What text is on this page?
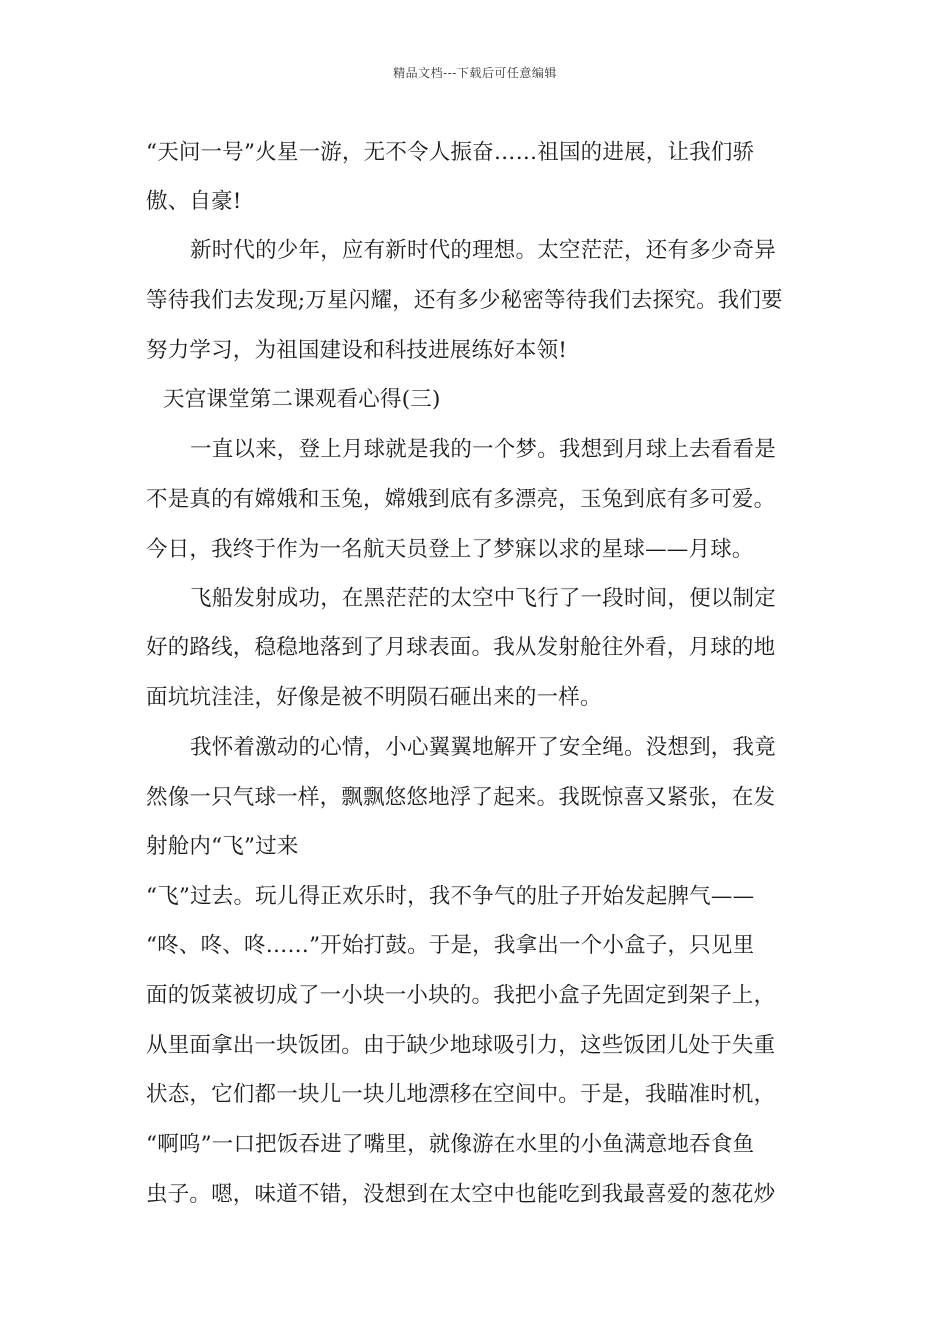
精品文档---下载后可任意编辑
“天问一号”火星一游，无不令人振奋……祖国的进展，让我们骄
傲、自豪!
新时代的少年，应有新时代的理想。太空茫茫，还有多少奇异
等待我们去发现;万星闪耀，还有多少秘密等待我们去探究。我们要
努力学习，为祖国建设和科技进展练好本领!
天宫课堂第二课观看心得(三)
一直以来，登上月球就是我的一个梦。我想到月球上去看看是
不是真的有嫦娥和玉兔，嫦娥到底有多漂亮，玉兔到底有多可爱。
今日，我终于作为一名航天员登上了梦寐以求的星球——月球。
飞船发射成功，在黑茫茫的太空中飞行了一段时间，便以制定
好的路线，稳稳地落到了月球表面。我从发射舱往外看，月球的地
面坑坑洼洼，好像是被不明陨石砸出来的一样。
我怀着激动的心情，小心翼翼地解开了安全绳。没想到，我竟
然像一只气球一样，飘飘悠悠地浮了起来。我既惊喜又紧张，在发
射舱内“飞”过来
“飞”过去。玩儿得正欢乐时，我不争气的肚子开始发起脾气——
“咚、咚、咚……”开始打鼓。于是，我拿出一个小盒子，只见里
面的饭菜被切成了一小块一小块的。我把小盒子先固定到架子上，
从里面拿出一块饭团。由于缺少地球吸引力，这些饭团儿处于失重
状态，它们都一块儿一块儿地漂移在空间中。于是，我瞄准时机，
“啊呜”一口把饭吞进了嘴里，就像游在水里的小鱼满意地吞食鱼
虫子。嗯，味道不错，没想到在太空中也能吃到我最喜爱的葱花炒
